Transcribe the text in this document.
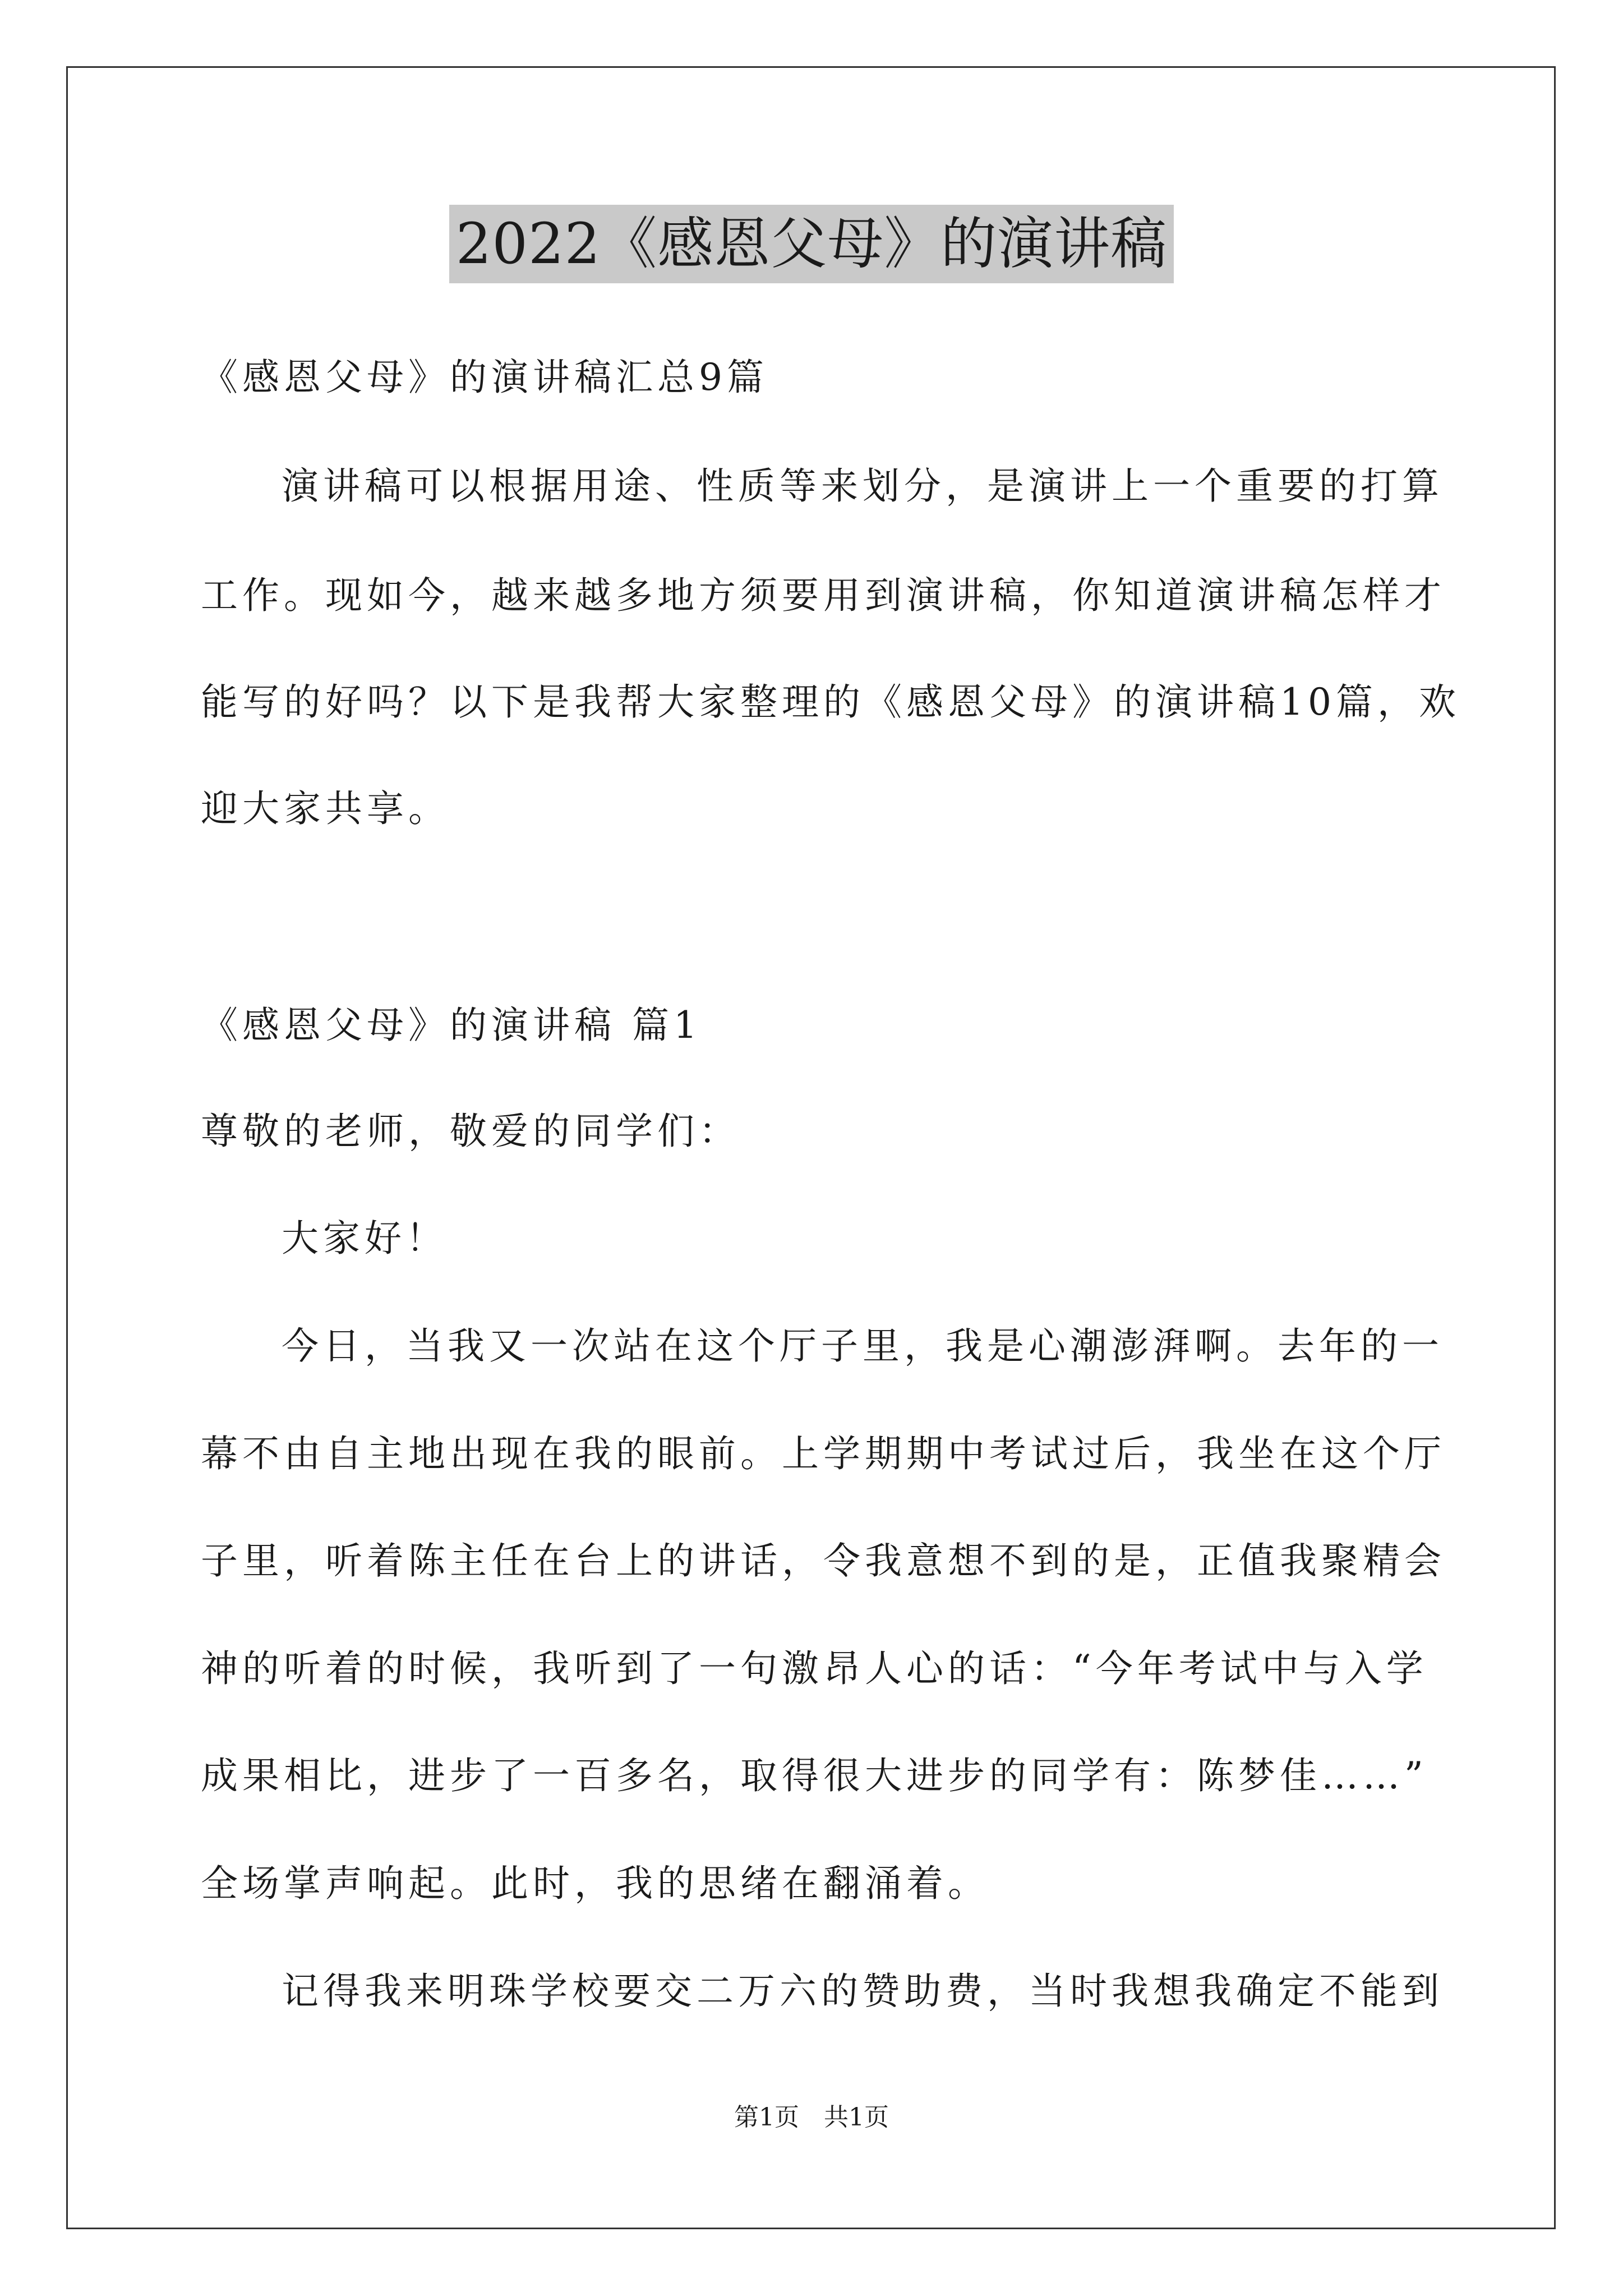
2022《感恩父母》的演讲稿
《感恩父母》的演讲稿汇总9篇
演讲稿可以根据用途、性质等来划分，是演讲上一个重要的打算
工作。现如今，越来越多地方须要用到演讲稿，你知道演讲稿怎样才
能写的好吗？以下是我帮大家整理的《感恩父母》的演讲稿10篇，欢
迎大家共享。
《感恩父母》的演讲稿 篇1
尊敬的老师，敬爱的同学们：
大家好！
今日，当我又一次站在这个厅子里，我是心潮澎湃啊。去年的一
幕不由自主地出现在我的眼前。上学期期中考试过后，我坐在这个厅
子里，听着陈主任在台上的讲话，令我意想不到的是，正值我聚精会
神的听着的时候，我听到了一句激昂人心的话：“今年考试中与入学
成果相比，进步了一百多名，取得很大进步的同学有：陈梦佳……”
全场掌声响起。此时，我的思绪在翻涌着。
记得我来明珠学校要交二万六的赞助费，当时我想我确定不能到
第1页　共1页
